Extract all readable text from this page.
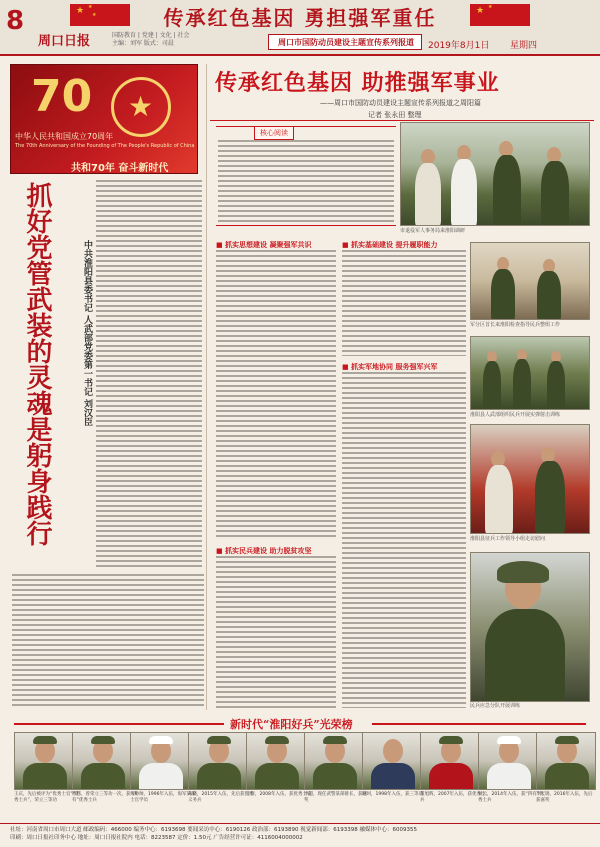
★ ★
★	★ ★
传承红色基因 勇担强军重任
8
周口日报	国防教育 | 党建 | 文化 | 社会
主编：刘军 版式：司晨	周口市国防动员建设主题宣传系列报道	2019年8月1日 星期四
70 ★
中华人民共和国成立70周年
The 70th Anniversary of the Founding of The People's Republic of China
共和70年 奋斗新时代
传承红色基因 助推强军事业
——周口市国防动员建设主题宣传系列报道之周阳篇
记者 张永田 整理
抓好党管武装的灵魂是躬身践行	中共淮阳县委书记 人武部党委第一书记 刘汉臣
核心阅读
市退役军人事务局来淮阳调研
■ 抓实思想建设 凝聚强军共识
■ 抓实民兵建设 助力脱贫攻坚
■ 抓实基础建设 提升履职能力
■ 抓实军地协同 服务强军兴军
军分区首长来淮阳检查指导民兵整组工作
淮阳县人武部组织民兵开展实弹射击训练
淮阳县征兵工作领导小组走访慰问
民兵应急分队开展训练
新时代“淮阳好兵”光荣榜
王庆，先后被评为“优秀士官”“优秀士兵”，荣立三等功
邢伟，曾荣立三等功一次，获“四有”优秀士兵
朱帅帅，1996年入伍，海军某部士官学员
朱晓，2015年入伍，先后获优秀义务兵
王洋，2008年入伍，获优秀士官
李超，现任武警某部排长，获嘉奖
时珂，1998年入伍，获三等功
董旭辉，2007年入伍，获优秀士兵
刘云，2014年入伍，获“四有”优秀士兵
李天锦，2016年入伍，先后获嘉奖
社址：河南省周口市周口大道 邮政编码：466000 编务中心：6193698 要闻采访中心：6190126 政治部：6193890 视觉新闻部：6193398 融媒体中心：6009355
印刷：周口日报社印务中心 地址：周口日报社院内 电话：8223587 定价：1.50元 广告经营许可证：4116004000002
